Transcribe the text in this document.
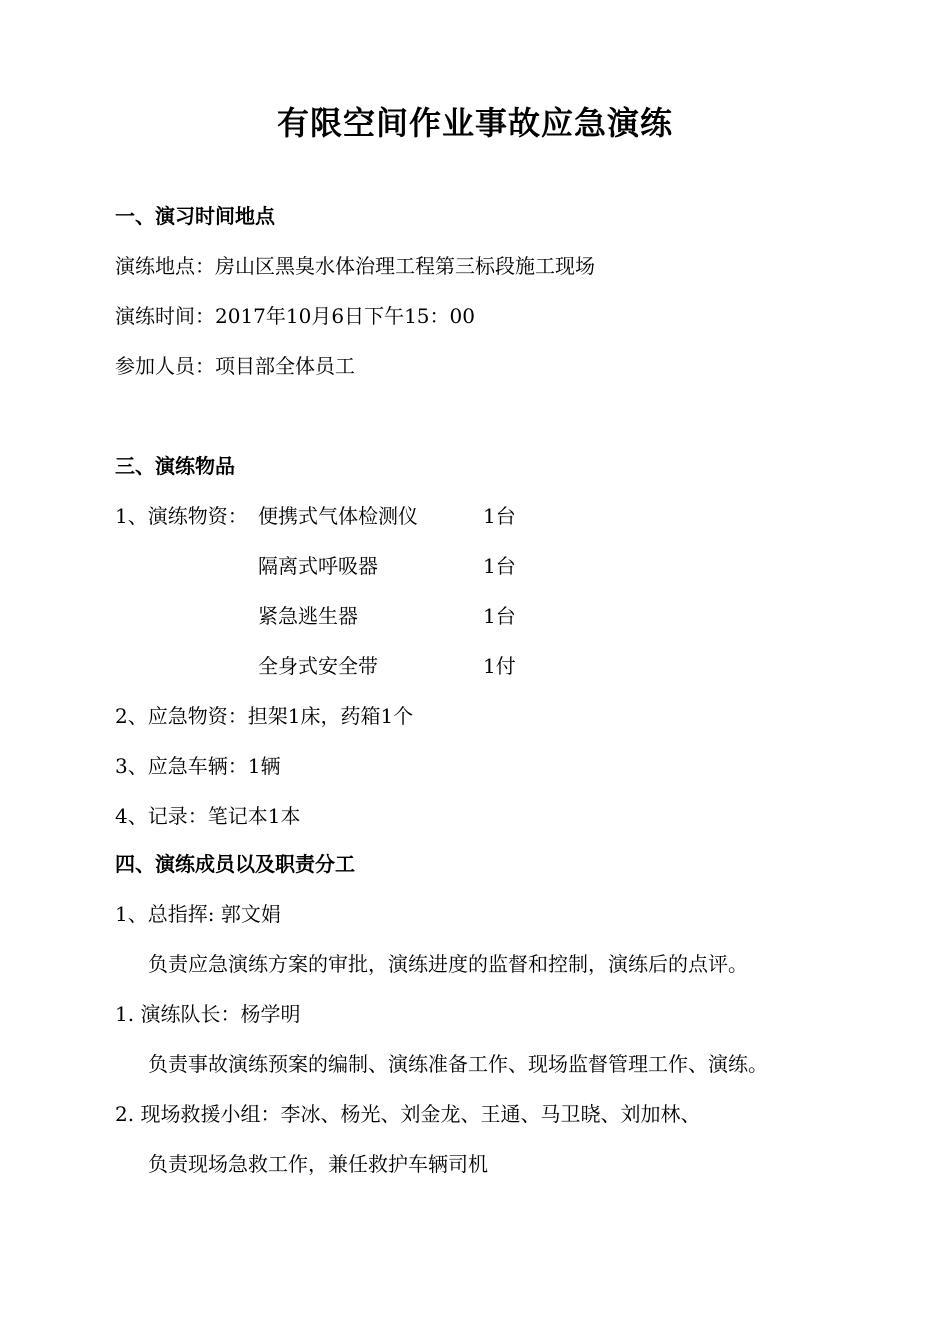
有限空间作业事故应急演练
一、演习时间地点
演练地点：房山区黑臭水体治理工程第三标段施工现场
演练时间：2017年10月6日下午15：00
参加人员：项目部全体员工
三、演练物品
1、演练物资： 便携式气体检测仪	1台
隔离式呼吸器	1台
紧急逃生器	1台
全身式安全带	1付
2、应急物资：担架1床，药箱1个
3、应急车辆：1辆
4、记录：笔记本1本
四、演练成员以及职责分工
1、总指挥: 郭文娟
负责应急演练方案的审批，演练进度的监督和控制，演练后的点评。
1. 演练队长：杨学明
负责事故演练预案的编制、演练准备工作、现场监督管理工作、演练。
2. 现场救援小组：李冰、杨光、刘金龙、王通、马卫晓、刘加林、
负责现场急救工作，兼任救护车辆司机
